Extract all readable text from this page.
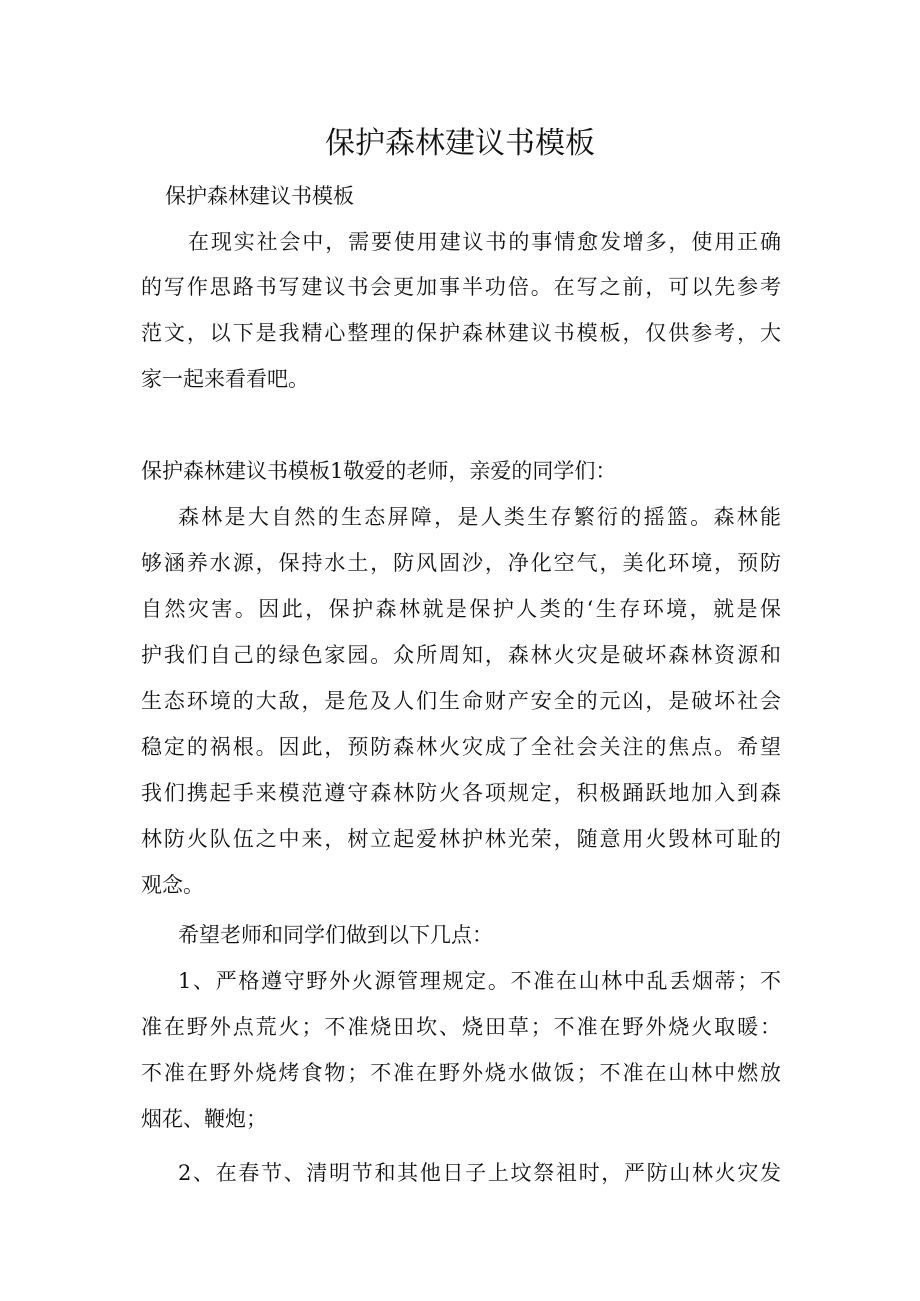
保护森林建议书模板
保护森林建议书模板
在现实社会中，需要使用建议书的事情愈发增多，使用正确
的写作思路书写建议书会更加事半功倍。在写之前，可以先参考
范文，以下是我精心整理的保护森林建议书模板，仅供参考，大
家一起来看看吧。
保护森林建议书模板1敬爱的老师，亲爱的同学们：
森林是大自然的生态屏障，是人类生存繁衍的摇篮。森林能
够涵养水源，保持水土，防风固沙，净化空气，美化环境，预防
自然灾害。因此，保护森林就是保护人类的‘生存环境，就是保
护我们自己的绿色家园。众所周知，森林火灾是破坏森林资源和
生态环境的大敌，是危及人们生命财产安全的元凶，是破坏社会
稳定的祸根。因此，预防森林火灾成了全社会关注的焦点。希望
我们携起手来模范遵守森林防火各项规定，积极踊跃地加入到森
林防火队伍之中来，树立起爱林护林光荣，随意用火毁林可耻的
观念。
希望老师和同学们做到以下几点：
1、严格遵守野外火源管理规定。不准在山林中乱丢烟蒂；不
准在野外点荒火；不准烧田坎、烧田草；不准在野外烧火取暖：
不准在野外烧烤食物；不准在野外烧水做饭；不准在山林中燃放
烟花、鞭炮；
2、在春节、清明节和其他日子上坟祭祖时，严防山林火灾发
